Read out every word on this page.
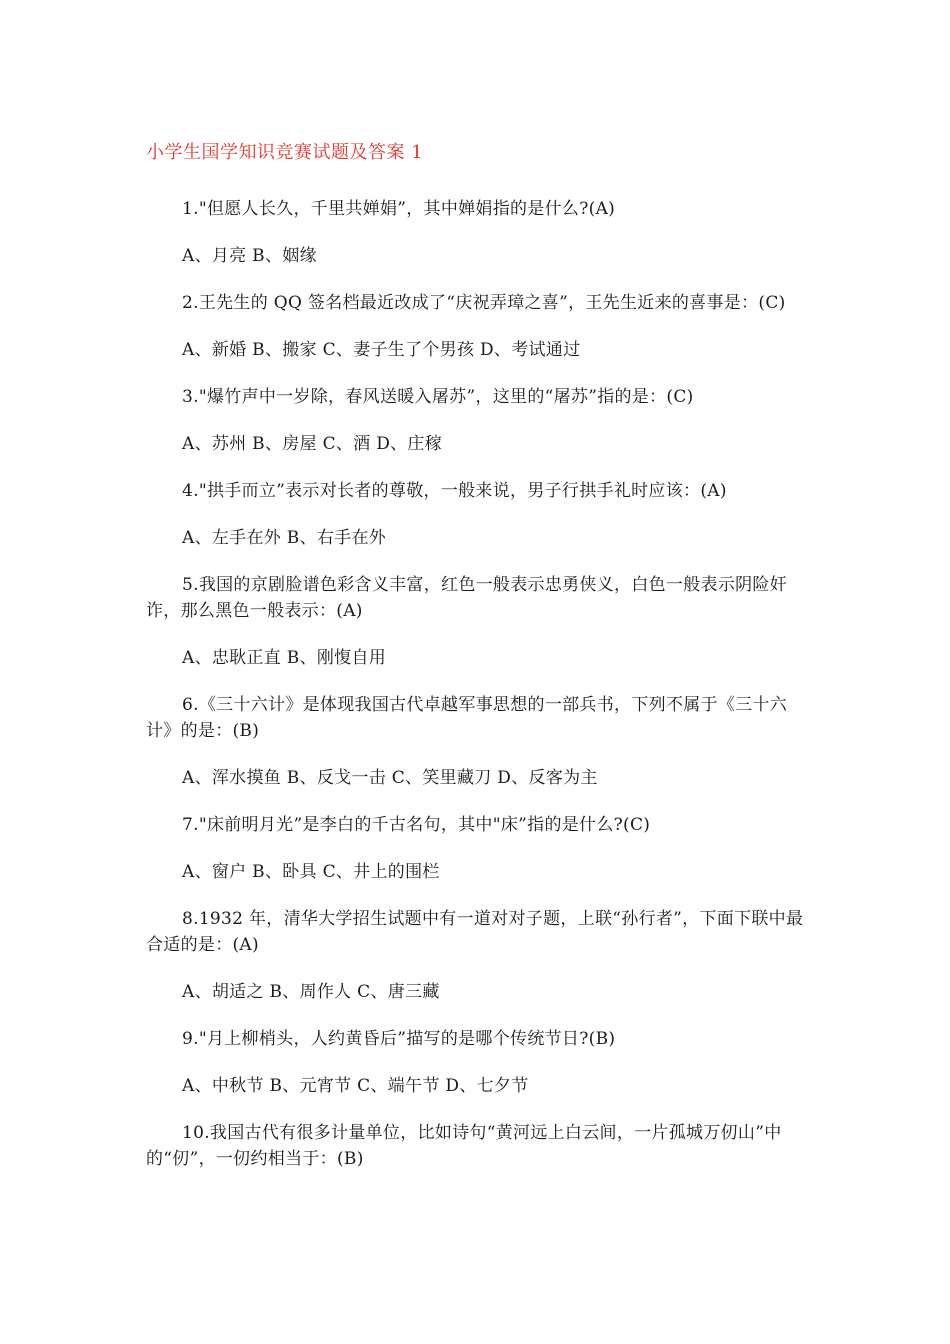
小学生国学知识竞赛试题及答案 1

1."但愿人长久，千里共婵娟”，其中婵娟指的是什么?(A)

A、月亮 B、姻缘

2.王先生的 QQ 签名档最近改成了“庆祝弄璋之喜”，王先生近来的喜事是：(C)

A、新婚 B、搬家 C、妻子生了个男孩 D、考试通过

3."爆竹声中一岁除，春风送暖入屠苏”，这里的“屠苏”指的是：(C)

A、苏州 B、房屋 C、酒 D、庄稼

4."拱手而立”表示对长者的尊敬，一般来说，男子行拱手礼时应该：(A)

A、左手在外 B、右手在外

5.我国的京剧脸谱色彩含义丰富，红色一般表示忠勇侠义，白色一般表示阴险奸诈，那么黑色一般表示：(A)

A、忠耿正直 B、刚愎自用

6.《三十六计》是体现我国古代卓越军事思想的一部兵书，下列不属于《三十六计》的是：(B)

A、浑水摸鱼 B、反戈一击 C、笑里藏刀 D、反客为主

7."床前明月光”是李白的千古名句，其中"床”指的是什么?(C)

A、窗户 B、卧具 C、井上的围栏

8.1932 年，清华大学招生试题中有一道对对子题，上联“孙行者”，下面下联中最合适的是：(A)

A、胡适之 B、周作人 C、唐三藏

9."月上柳梢头，人约黄昏后”描写的是哪个传统节日?(B)

A、中秋节 B、元宵节 C、端午节 D、七夕节

10.我国古代有很多计量单位，比如诗句“黄河远上白云间，一片孤城万仞山”中的“仞”，一仞约相当于：(B)
